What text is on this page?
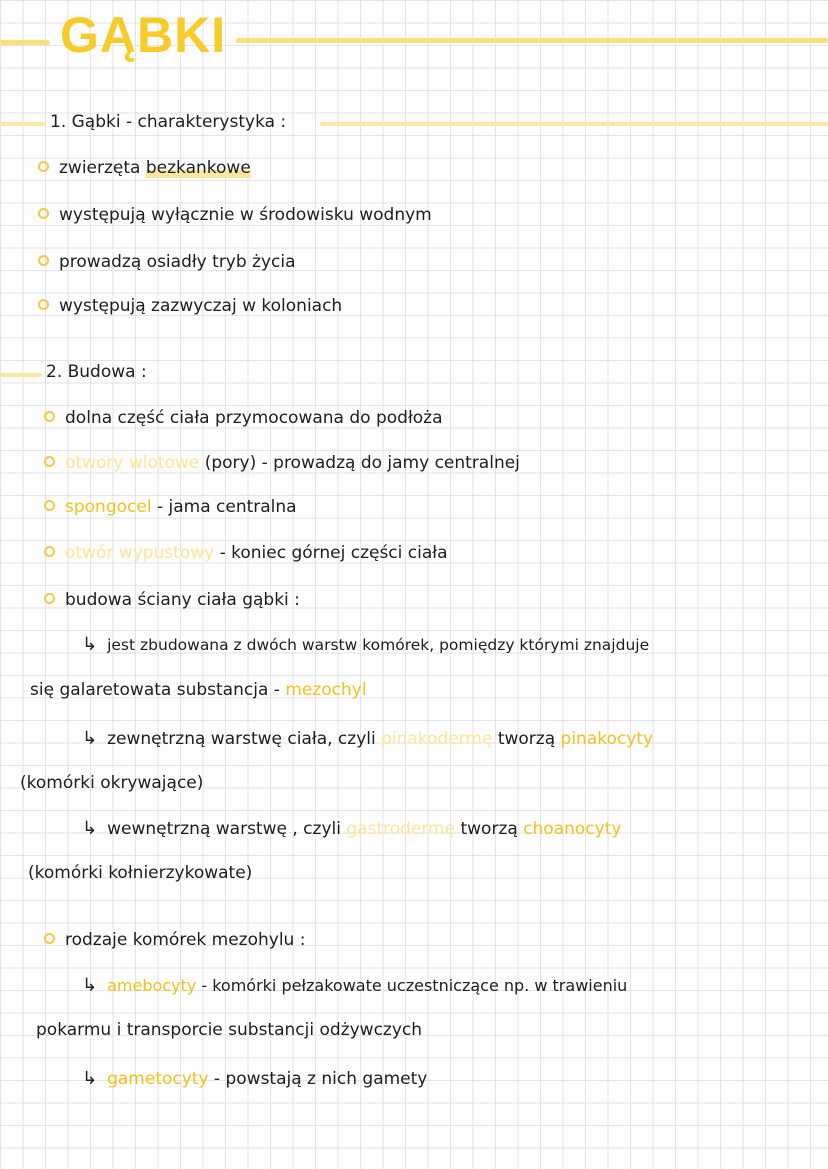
GĄBKI
1. Gąbki - charakterystyka :
zwierzęta bezkankowe
występują wyłącznie w środowisku wodnym
prowadzą osiadły tryb życia
występują zazwyczaj w koloniach
2. Budowa :
dolna część ciała przymocowana do podłoża
otwory wlotowe (pory) - prowadzą do jamy centralnej
spongocel - jama centralna
otwór wypustowy - koniec górnej części ciała
budowa ściany ciała gąbki :
↳ jest zbudowana z dwóch warstw komórek, pomiędzy którymi znajduje
się galaretowata substancja - mezochyl
↳ zewnętrzną warstwę ciała, czyli pinakodermę tworzą pinakocyty
(komórki okrywające)
↳ wewnętrzną warstwę , czyli gastrodermę tworzą choanocyty
(komórki kołnierzykowate)
rodzaje komórek mezohylu :
↳ amebocyty - komórki pełzakowate uczestniczące np. w trawieniu
pokarmu i transporcie substancji odżywczych
↳ gametocyty - powstają z nich gamety
